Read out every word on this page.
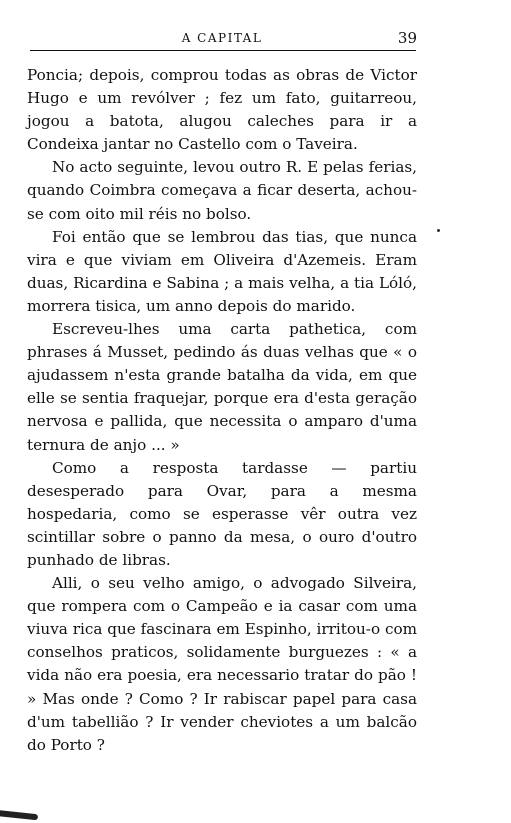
A CAPITAL	39

Poncia; depois, comprou todas as obras de Victor Hugo e um revólver ; fez um fato, guitarreou, jogou a batota, alugou caleches para ir a Condeixa jantar no Castello com o Taveira.

No acto seguinte, levou outro R. E pelas ferias, quando Coimbra começava a ficar deserta, achou-se com oito mil réis no bolso.

Foi então que se lembrou das tias, que nunca vira e que viviam em Oliveira d'Azemeis. Eram duas, Ricardina e Sabina ; a mais velha, a tia Lóló, morrera tisica, um anno depois do marido.

Escreveu-lhes uma carta pathetica, com phrases á Musset, pedindo ás duas velhas que « o ajudassem n'esta grande batalha da vida, em que elle se sentia fraquejar, porque era d'esta geração nervosa e pallida, que necessita o amparo d'uma ternura de anjo ... »

Como a resposta tardasse — partiu desesperado para Ovar, para a mesma hospedaria, como se esperasse vêr outra vez scintillar sobre o panno da mesa, o ouro d'outro punhado de libras.

Alli, o seu velho amigo, o advogado Silveira, que rompera com o Campeão e ia casar com uma viuva rica que fascinara em Espinho, irritou-o com conselhos praticos, solidamente burguezes : « a vida não era poesia, era necessario tratar do pão ! » Mas onde ? Como ? Ir rabiscar papel para casa d'um tabellião ? Ir vender cheviotes a um balcão do Porto ?
